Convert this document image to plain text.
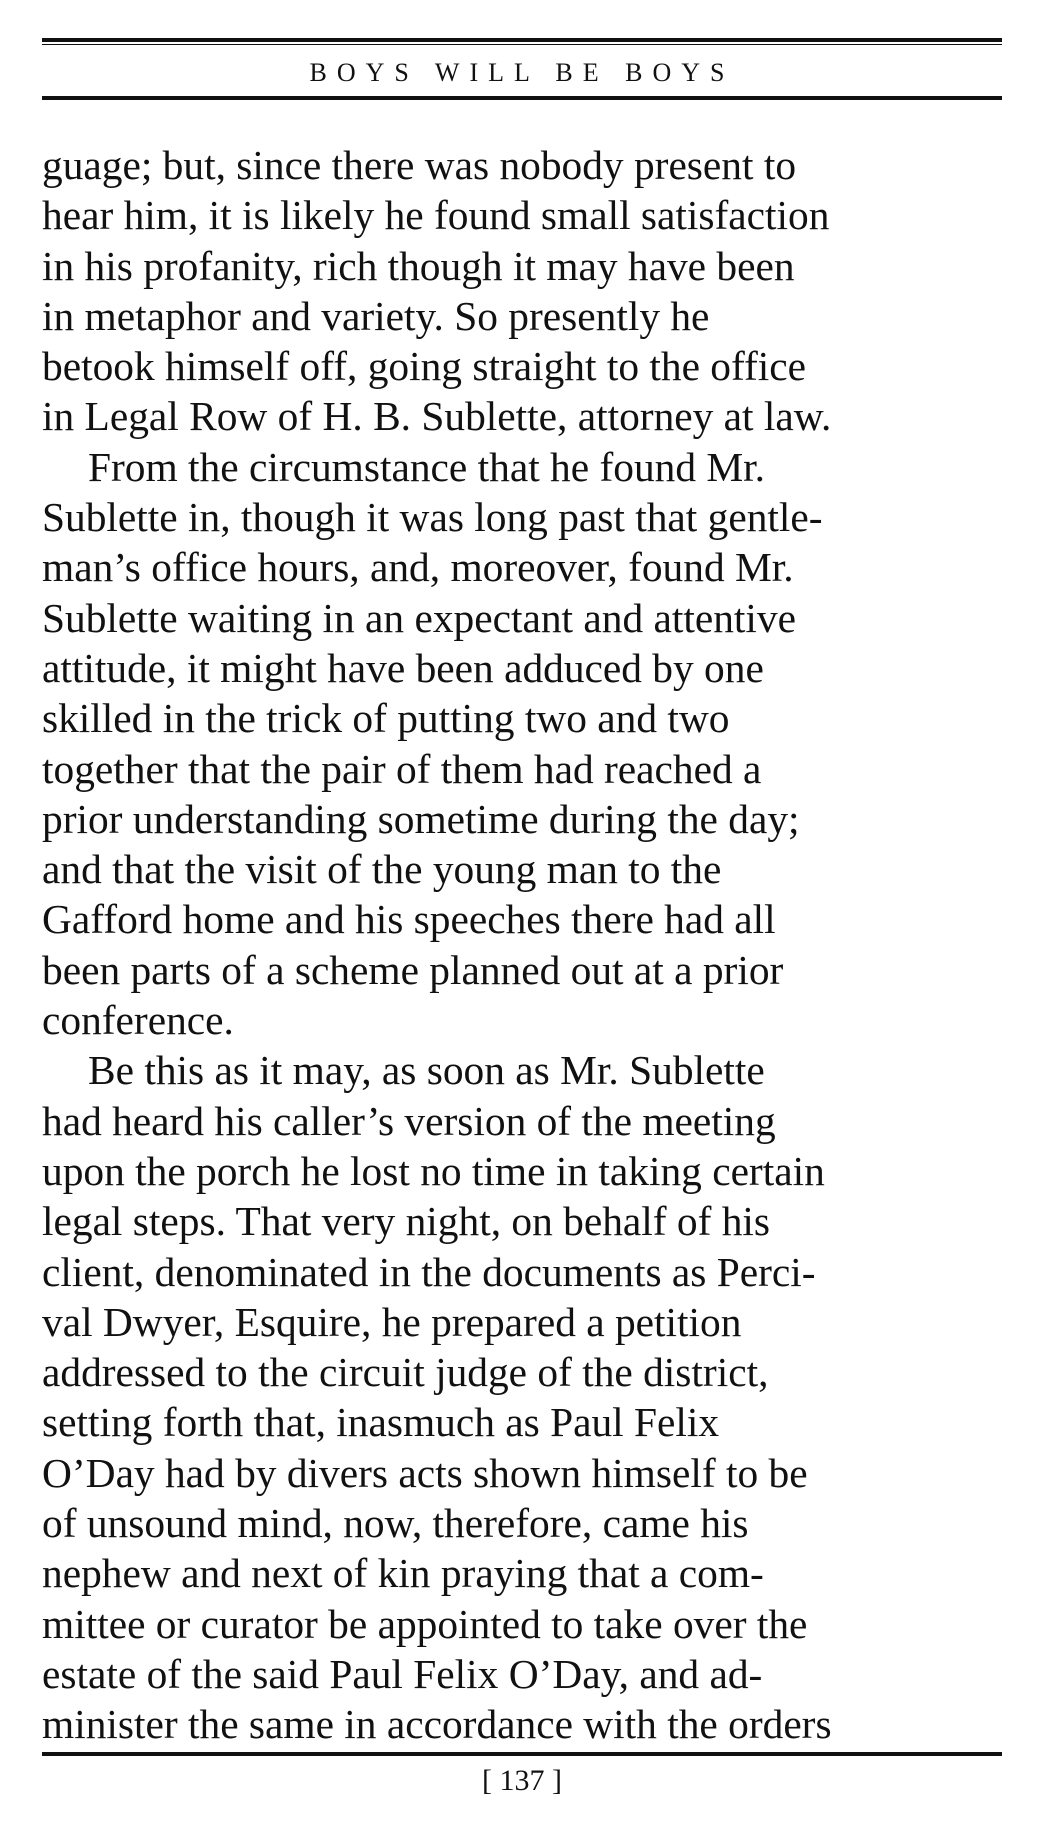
BOYS WILL BE BOYS
guage; but, since there was nobody present to
hear him, it is likely he found small satisfaction
in his profanity, rich though it may have been
in metaphor and variety. So presently he
betook himself off, going straight to the office
in Legal Row of H. B. Sublette, attorney at law.
From the circumstance that he found Mr.
Sublette in, though it was long past that gentle-
man’s office hours, and, moreover, found Mr.
Sublette waiting in an expectant and attentive
attitude, it might have been adduced by one
skilled in the trick of putting two and two
together that the pair of them had reached a
prior understanding sometime during the day;
and that the visit of the young man to the
Gafford home and his speeches there had all
been parts of a scheme planned out at a prior
conference.
Be this as it may, as soon as Mr. Sublette
had heard his caller’s version of the meeting
upon the porch he lost no time in taking certain
legal steps. That very night, on behalf of his
client, denominated in the documents as Perci-
val Dwyer, Esquire, he prepared a petition
addressed to the circuit judge of the district,
setting forth that, inasmuch as Paul Felix
O’Day had by divers acts shown himself to be
of unsound mind, now, therefore, came his
nephew and next of kin praying that a com-
mittee or curator be appointed to take over the
estate of the said Paul Felix O’Day, and ad-
minister the same in accordance with the orders
[ 137 ]
